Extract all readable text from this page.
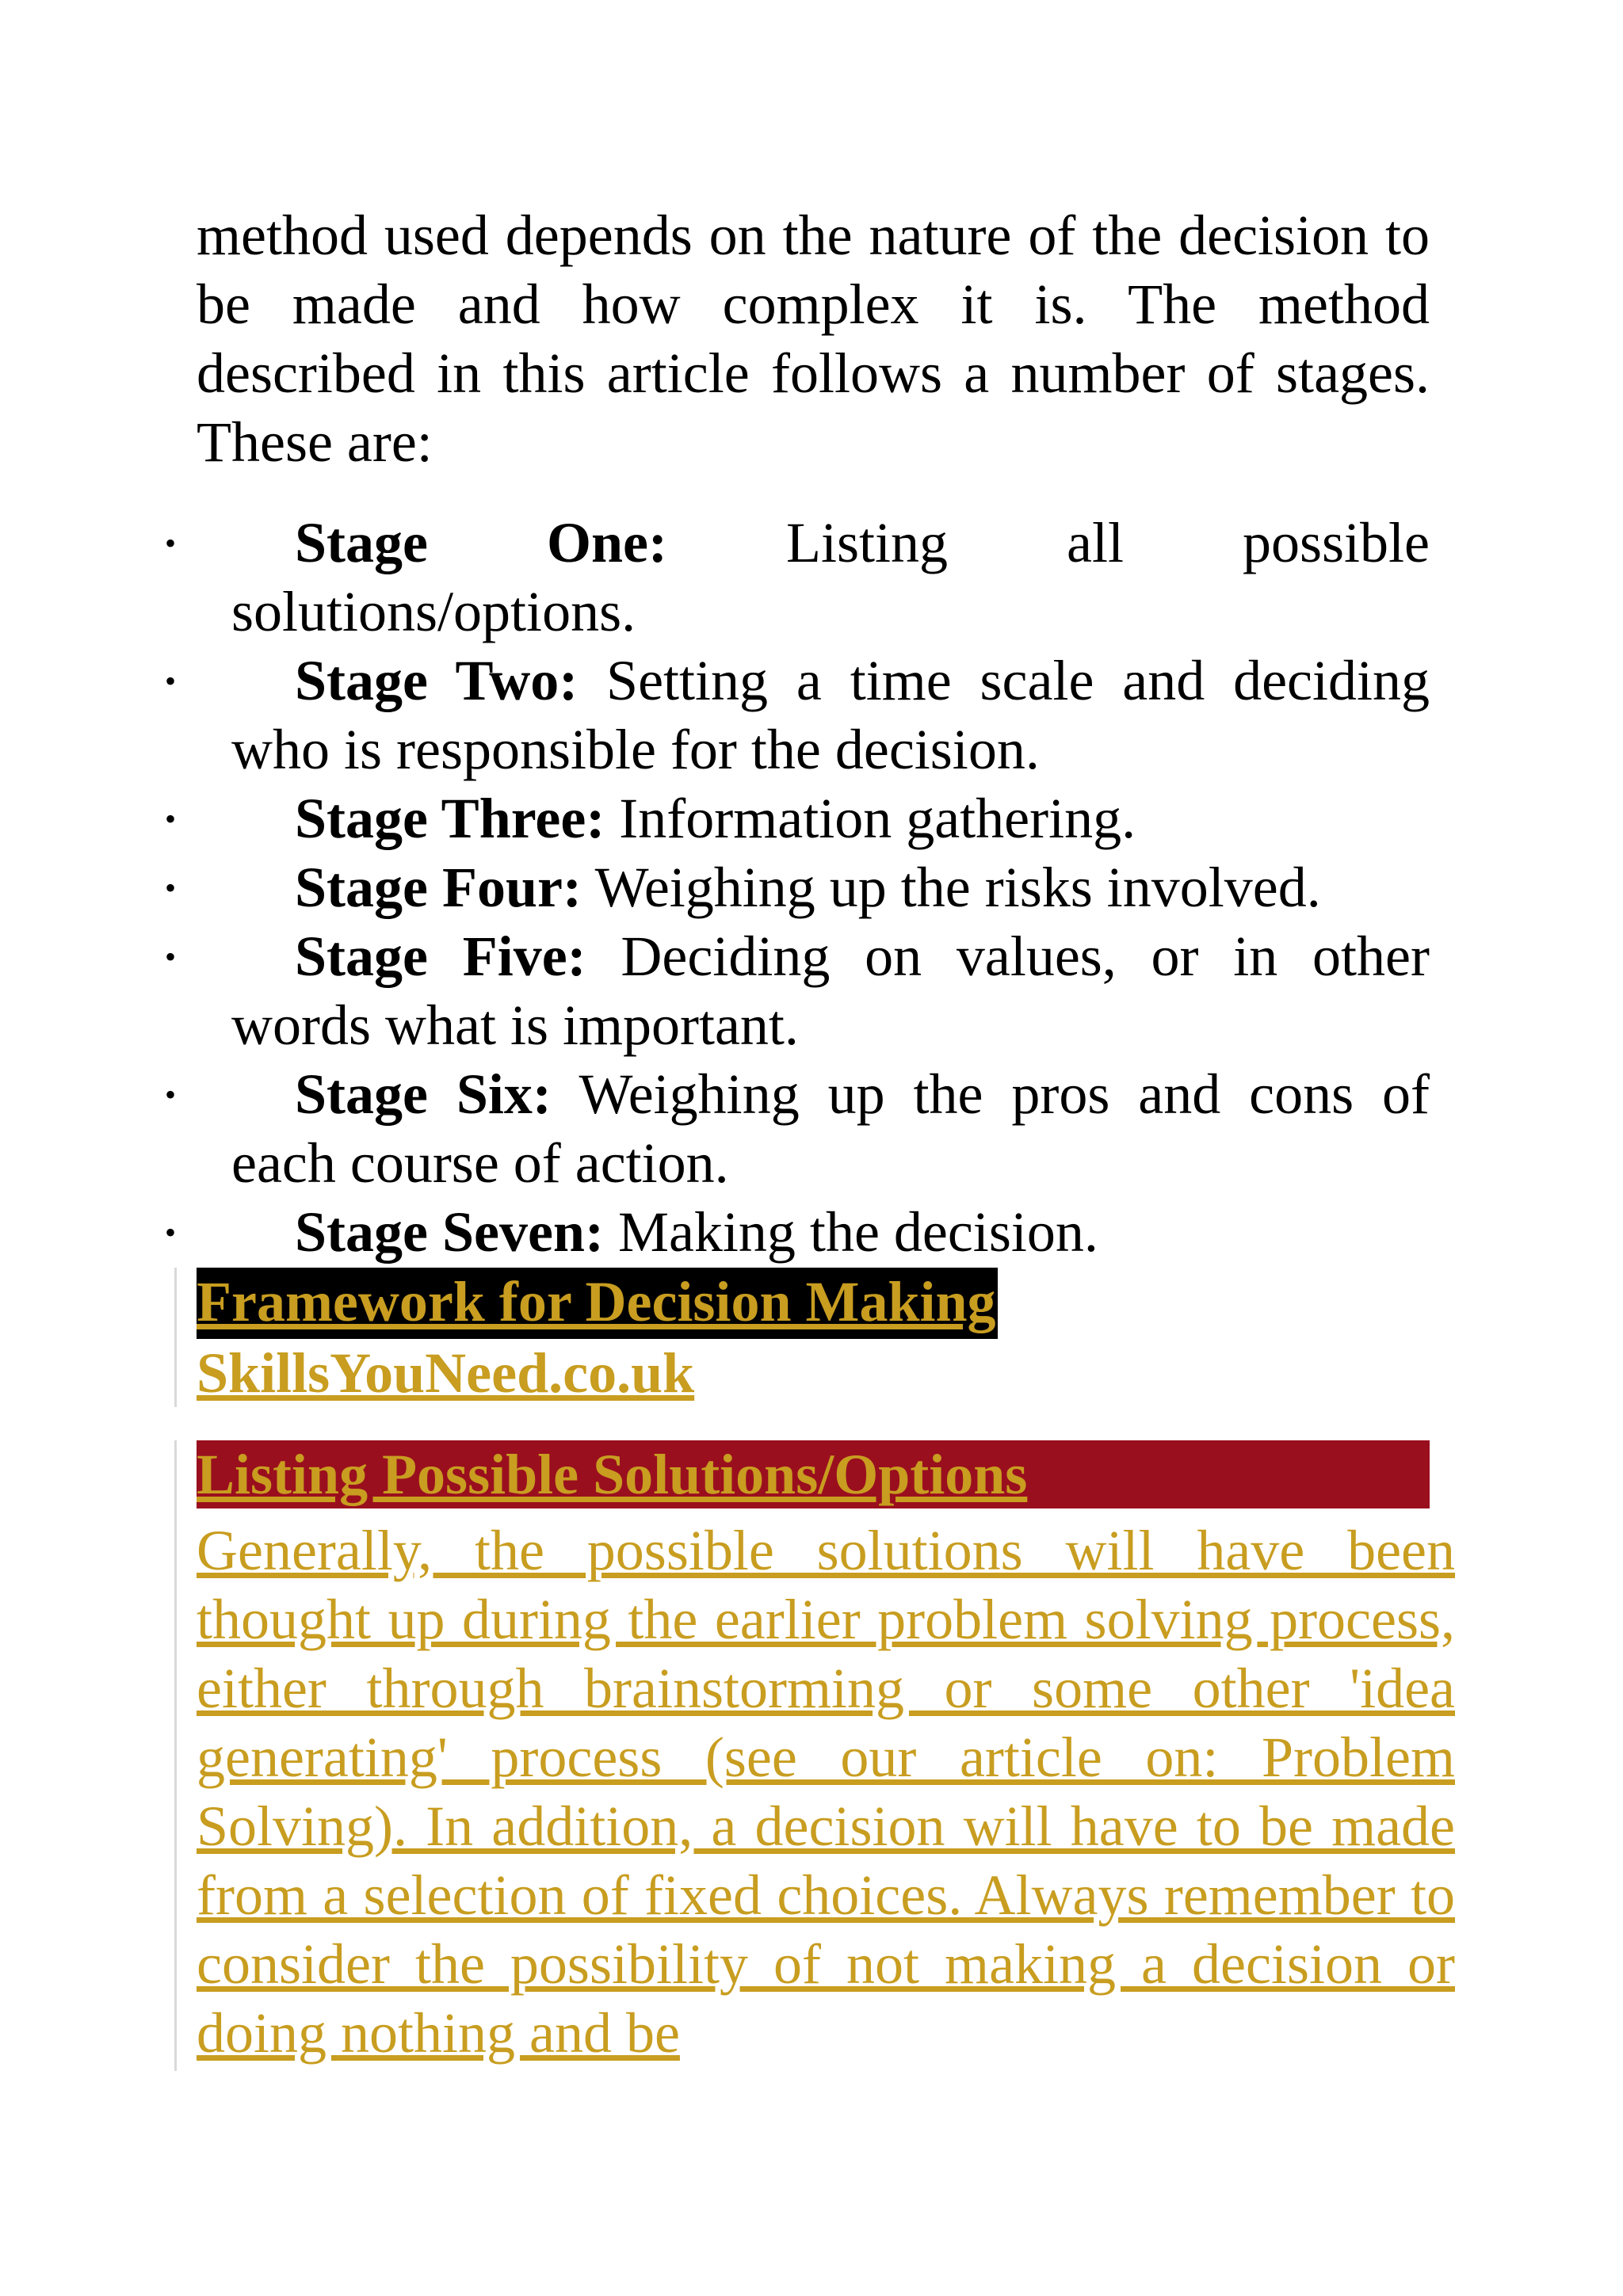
method used depends on the nature of the decision to be made and how complex it is. The method described in this article follows a number of stages. These are:

• Stage One: Listing all possible solutions/options.
• Stage Two: Setting a time scale and deciding who is responsible for the decision.
• Stage Three: Information gathering.
• Stage Four: Weighing up the risks involved.
• Stage Five: Deciding on values, or in other words what is important.
• Stage Six: Weighing up the pros and cons of each course of action.
• Stage Seven: Making the decision.
Framework for Decision Making
SkillsYouNeed.co.uk
Listing Possible Solutions/Options

Generally, the possible solutions will have been thought up during the earlier problem solving process, either through brainstorming or some other 'idea generating' process (see our article on: Problem Solving). In addition, a decision will have to be made from a selection of fixed choices. Always remember to consider the possibility of not making a decision or doing nothing and be
